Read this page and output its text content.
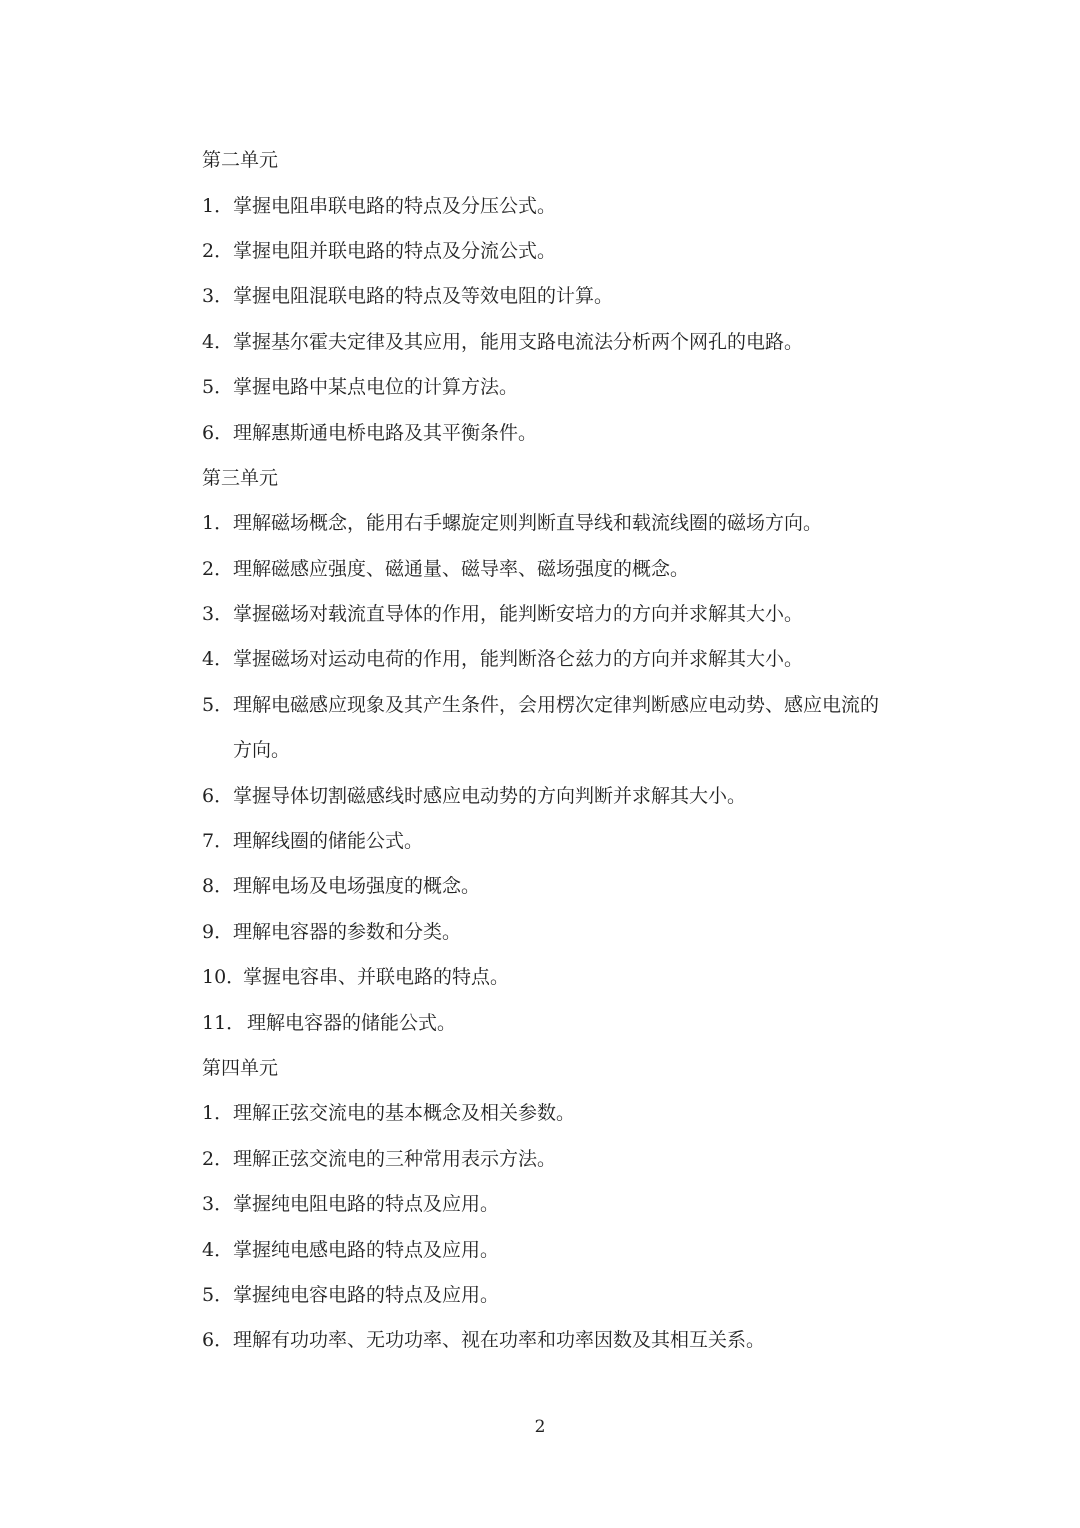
第二单元
1．掌握电阻串联电路的特点及分压公式。
2．掌握电阻并联电路的特点及分流公式。
3．掌握电阻混联电路的特点及等效电阻的计算。
4．掌握基尔霍夫定律及其应用，能用支路电流法分析两个网孔的电路。
5．掌握电路中某点电位的计算方法。
6．理解惠斯通电桥电路及其平衡条件。
第三单元
1．理解磁场概念，能用右手螺旋定则判断直导线和载流线圈的磁场方向。
2．理解磁感应强度、磁通量、磁导率、磁场强度的概念。
3．掌握磁场对载流直导体的作用，能判断安培力的方向并求解其大小。
4．掌握磁场对运动电荷的作用，能判断洛仑兹力的方向并求解其大小。
5．理解电磁感应现象及其产生条件，会用楞次定律判断感应电动势、感应电流的
方向。
6．掌握导体切割磁感线时感应电动势的方向判断并求解其大小。
7．理解线圈的储能公式。
8．理解电场及电场强度的概念。
9．理解电容器的参数和分类。
10．掌握电容串、并联电路的特点。
11．理解电容器的储能公式。
第四单元
1．理解正弦交流电的基本概念及相关参数。
2．理解正弦交流电的三种常用表示方法。
3．掌握纯电阻电路的特点及应用。
4．掌握纯电感电路的特点及应用。
5．掌握纯电容电路的特点及应用。
6．理解有功功率、无功功率、视在功率和功率因数及其相互关系。
2
